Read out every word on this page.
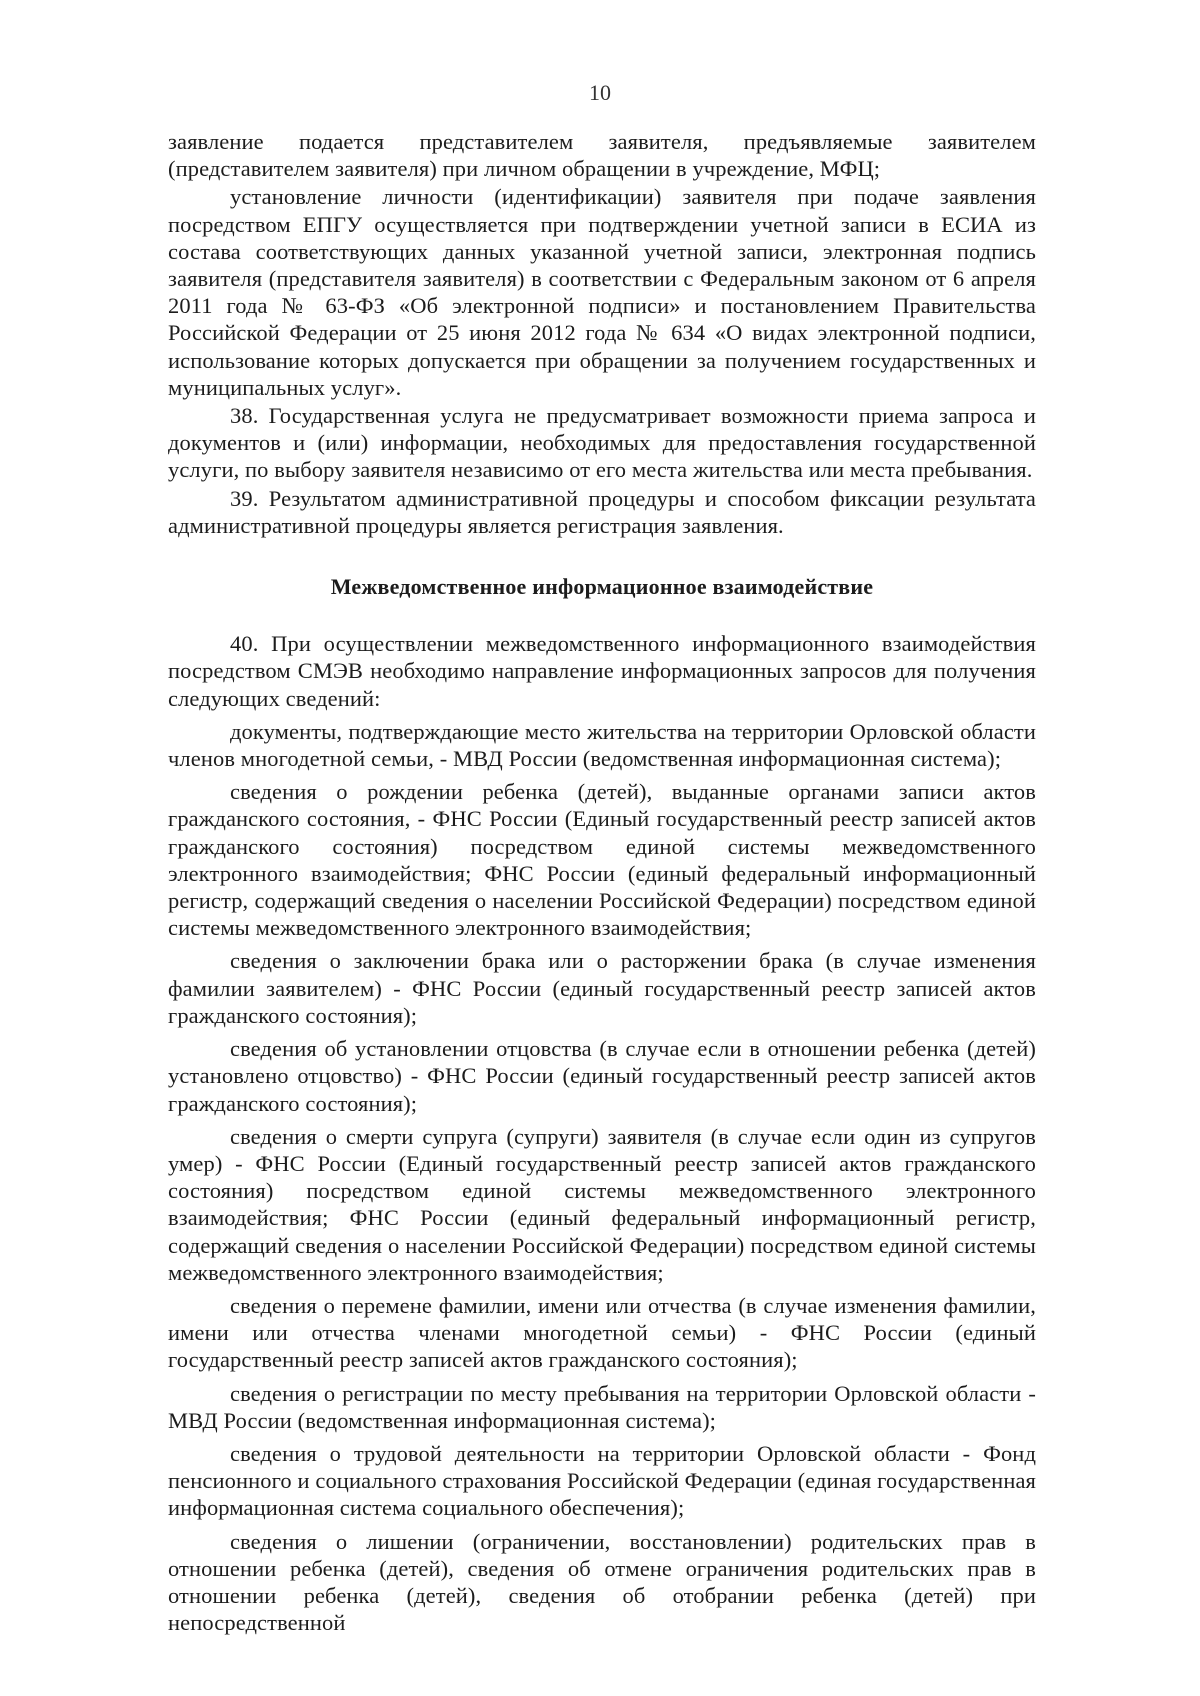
10

заявление подается представителем заявителя, предъявляемые заявителем (представителем заявителя) при личном обращении в учреждение, МФЦ;

установление личности (идентификации) заявителя при подаче заявления посредством ЕПГУ осуществляется при подтверждении учетной записи в ЕСИА из состава соответствующих данных указанной учетной записи, электронная подпись заявителя (представителя заявителя) в соответствии с Федеральным законом от 6 апреля 2011 года № 63-ФЗ «Об электронной подписи» и постановлением Правительства Российской Федерации от 25 июня 2012 года № 634 «О видах электронной подписи, использование которых допускается при обращении за получением государственных и муниципальных услуг».

38. Государственная услуга не предусматривает возможности приема запроса и документов и (или) информации, необходимых для предоставления государственной услуги, по выбору заявителя независимо от его места жительства или места пребывания.

39. Результатом административной процедуры и способом фиксации результата административной процедуры является регистрация заявления.

Межведомственное информационное взаимодействие

40. При осуществлении межведомственного информационного взаимодействия посредством СМЭВ необходимо направление информационных запросов для получения следующих сведений:

документы, подтверждающие место жительства на территории Орловской области членов многодетной семьи, - МВД России (ведомственная информационная система);

сведения о рождении ребенка (детей), выданные органами записи актов гражданского состояния, - ФНС России (Единый государственный реестр записей актов гражданского состояния) посредством единой системы межведомственного электронного взаимодействия; ФНС России (единый федеральный информационный регистр, содержащий сведения о населении Российской Федерации) посредством единой системы межведомственного электронного взаимодействия;

сведения о заключении брака или о расторжении брака (в случае изменения фамилии заявителем) - ФНС России (единый государственный реестр записей актов гражданского состояния);

сведения об установлении отцовства (в случае если в отношении ребенка (детей) установлено отцовство) - ФНС России (единый государственный реестр записей актов гражданского состояния);

сведения о смерти супруга (супруги) заявителя (в случае если один из супругов умер) - ФНС России (Единый государственный реестр записей актов гражданского состояния) посредством единой системы межведомственного электронного взаимодействия; ФНС России (единый федеральный информационный регистр, содержащий сведения о населении Российской Федерации) посредством единой системы межведомственного электронного взаимодействия;

сведения о перемене фамилии, имени или отчества (в случае изменения фамилии, имени или отчества членами многодетной семьи) - ФНС России (единый государственный реестр записей актов гражданского состояния);

сведения о регистрации по месту пребывания на территории Орловской области - МВД России (ведомственная информационная система);

сведения о трудовой деятельности на территории Орловской области - Фонд пенсионного и социального страхования Российской Федерации (единая государственная информационная система социального обеспечения);

сведения о лишении (ограничении, восстановлении) родительских прав в отношении ребенка (детей), сведения об отмене ограничения родительских прав в отношении ребенка (детей), сведения об отобрании ребенка (детей) при непосредственной
